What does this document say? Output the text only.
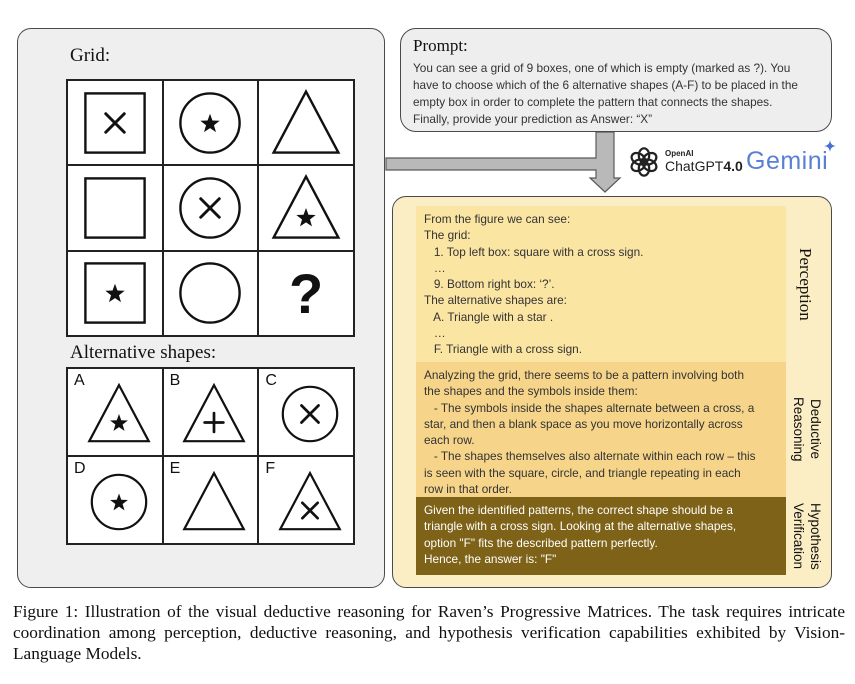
Grid:
?
Alternative shapes:
A	B	C
D	E	F
Prompt:
You can see a grid of 9 boxes, one of which is empty (marked as ?). You
have to choose which of the 6 alternative shapes (A-F) to be placed in the
empty box in order to complete the pattern that connects the shapes.
Finally, provide your prediction as Answer: “X”
OpenAI
ChatGPT4.0 Gemini
From the figure we can see:
The grid:
1. Top left box: square with a cross sign.
…
9. Bottom right box: ‘?’.
The alternative shapes are:
A. Triangle with a star .
…
F. Triangle with a cross sign.
Perception
Analyzing the grid, there seems to be a pattern involving both
the shapes and the symbols inside them:
- The symbols inside the shapes alternate between a cross, a
star, and then a blank space as you move horizontally across
each row.
- The shapes themselves also alternate within each row – this
is seen with the square, circle, and triangle repeating in each
row in that order.
Deductive
Reasoning
Given the identified patterns, the correct shape should be a
triangle with a cross sign. Looking at the alternative shapes,
option "F" fits the described pattern perfectly.
Hence, the answer is: "F"	Hypothesis
Verification
Figure 1: Illustration of the visual deductive reasoning for Raven’s Progressive Matrices. The task requires intricate coordination among perception, deductive reasoning, and hypothesis verification capabilities exhibited by Vision-Language Models.
